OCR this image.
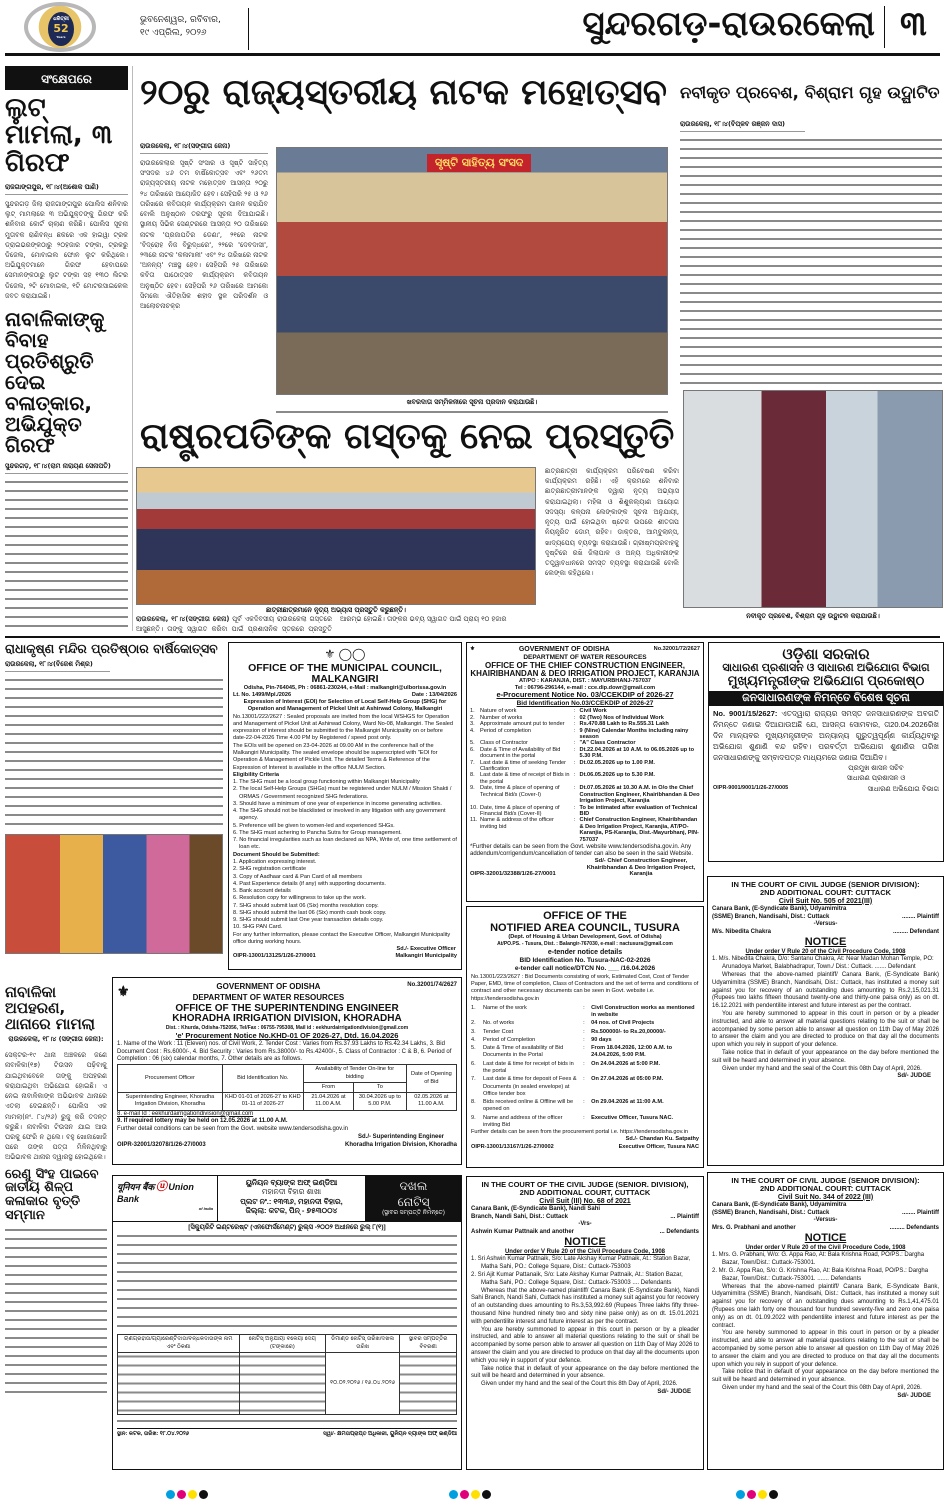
ଧରିତ୍ରୀ
52
Years
ଭୁବନେଶ୍ୱର, ରବିବାର,
୧୯ ଏପ୍ରିଲ, ୨୦୨୬	ସୁନ୍ଦରଗଡ଼-ରାଉରକେଲା ୩
ସଂକ୍ଷେପରେ
ଲୁଟ୍ ମାମଲା, ୩ ଗିରଫ
ରାଜଗାଙ୍ଗପୁର, ୧୮।୪(ଅଶୋକ ପାଣି)
ସୁନ୍ଦରଗଡ଼ ଜିଲା ରାଜଗାଙ୍ଗପୁର ପୋଲିସ ଶନିବାର ଲୁଟ୍ ମାମଲାରେ ୩ ଅଭିଯୁକ୍ତଙ୍କୁ ଗିରଫ କରି ଶନିବାର କୋର୍ଟ ଚାଲାଣ କରିଛି। ପୋଲିସ ସୂଚନା ମୁତାବକ ରାଣିବନ୍ଧ ଛକରେ ଏକ ହାଇୱା ଟ୍ରକ ଡ୍ରାଇଭରଙ୍କଠାରୁ ୨୦ହଜାର ଟଙ୍କା, ଟ୍ରକରୁ ଡିଜେଲ, ମୋବାଇଲ ଫୋନ ଲୁଟ କରିଥିଲେ। ଅଭିଯୁକ୍ତମାନେ ଗିରଫ ହେବାପରେ ସେମାନଙ୍କଠାରୁ ଲୁଟ ଟଙ୍କା ସହ ୧୩୦ ଲିଟର ଡିଜେଲ, ୨ଟି ମୋବାଇଲ, ୧ଟି ମୋଟରସାଇକେଲ ଜବତ କରାଯାଇଛି।
ନାବାଳିକାଙ୍କୁ ବିବାହ ପ୍ରତିଶ୍ରୁତି ଦେଇ ବଳାତ୍କାର, ଅଭିଯୁକ୍ତ ଗିରଫ
ସୁନ୍ଦରଗଡ଼, ୧୮।୪(ରାମ ନାରାୟଣ ସେନାପତି)
୨୦ରୁ ରାଜ୍ୟସ୍ତରୀୟ ନାଟକ ମହୋତ୍ସବ
ରାଉରକେଲା, ୧୮।୪(ସଙ୍ଗୀତା ଜେନା)
ରାଉରକେଲାର ସୃଷ୍ଟି ସଂସାର ଓ ସୃଷ୍ଟି ସାହିତ୍ୟ ସଂସଦର ୪୬ ତମ ବାର୍ଷିକୋତ୍ସବ ଏବଂ ୨୬ତମ ରାଜ୍ୟସ୍ତରୀୟ ନାଟକ ମହୋତ୍ସବ ଆସନ୍ତା ୨୦ରୁ ୨୪ ତାରିଖରେ ଆୟୋଜିତ ହେବ। ସେହିପରି ୨୫ ଓ ୨୬ ତାରିଖରେ କବିତାୟନ କାର୍ଯ୍ୟକ୍ରମ ପାଳନ କରାଯିବ ବୋଲି ଅନୁଷ୍ଠାନ ତରଫରୁ ସୂଚନା ଦିଆଯାଇଛି। ସ୍ଥାନୀୟ ସିଭିକ ସେଣ୍ଟରରେ ଆସନ୍ତା ୨୦ ତାରିଖରେ ନାଟକ 'ପ୍ରଜାପତିର ଡେଣା', ୨୧ରେ ନାଟକ 'ବିଦ୍ରୋହ ନିଜ ବିରୁଦ୍ଧରେ', ୨୨ରେ 'ଦେବଦାସୀ', ୨୩ରେ ନାଟକ 'କଳାମାଳୀ' ଏବଂ ୨୪ ତାରିଖରେ ନାଟକ 'ଅନନ୍ୟ' ମଞ୍ଚସ୍ଥ ହେବ। ସେହିପରି ୨୫ ତାରିଖରେ କବିତା ପାଠୋତ୍ସବ କାର୍ଯ୍ୟକ୍ରମ କବିତାୟନ ଅନୁଷ୍ଠିତ ହେବ। ସେହିପରି ୨୬ ତାରିଖରେ ଆମକୋ ସିମକୋ ଐତିହାସିକ ଶହୀଦ ସ୍ଥଳ ପରିଦର୍ଶନ ଓ ଆଲୋଚନାଚକ୍ର
ସୃଷ୍ଟି ସାହିତ୍ୟ ସଂସଦ
ଖବରଦାତା ସମ୍ମିଳନୀରେ ସୂଚନା ପ୍ରଦାନ କରାଯାଉଛି।
ନବୀକୃତ ପ୍ରବେଶ, ବିଶ୍ରାମ ଗୃହ ଉଦ୍ଘାଟିତ
ରାଉରକେଲା, ୧୮।୪(ବିପ୍ଳବ ରଞ୍ଜନ ଦାସ)
ନବୀକୃତ ପ୍ରବେଶ, ବିଶ୍ରାମ ଗୃହ ଉଦ୍ଘାଟନ କରାଯାଉଛି।
ରାଷ୍ଟ୍ରପତିଙ୍କ ଗସ୍ତକୁ ନେଇ ପ୍ରସ୍ତୁତି
ଛାତ୍ରୀଛାତ୍ରମାନେ ନୃତ୍ୟ ଅଭ୍ୟାସ ପ୍ରସ୍ତୁତି କରୁଛନ୍ତି।
ରାଉରକେଲା, ୧୮।୪(ସଙ୍ଗୀତା କେନା) ପୂର୍ବ ଏକଦିବସୀୟ ରାଉରକେଲା ଗସ୍ତରେ ଆସୁଛନ୍ତି। ତାଙ୍କୁ ସ୍ୱାଗତ କରିବା ପାଇଁ ପ୍ରଶାସନିକ ସ୍ତରରେ ପ୍ରସ୍ତୁତି ଆରମ୍ଭ ହୋଇଛି। ତାଙ୍କର ଭବ୍ୟ ସ୍ୱାଗତ ପାଇଁ ପ୍ରାୟ ୧୦ ହଜାର
ଛାତ୍ରଛାତ୍ରୀ କାର୍ଯ୍ୟକ୍ରମ ପରିବେଷଣ କରିବା କାର୍ଯ୍ୟକ୍ରମ ରହିଛି। ଏହି କ୍ରମରେ ଶନିବାର ଛାତ୍ରଛାତ୍ରୀମାନଙ୍କ ଦ୍ୱାରା ନୃତ୍ୟ ଅଭ୍ୟାସ କରାଯାଇଥିଲା। ମହିଳା ଓ ଶିଶୁକଲ୍ୟାଣ ଆୟୋଗ ସଦସ୍ୟା କଳ୍ପନା ଲେଙ୍କାଙ୍କ ସୂଚନା ଅନୁଯାୟୀ, ନୃତ୍ୟ ପାଇଁ ହୋଇଥିବା ଷ୍ଟେଜ ଉପରେ ଶୀତତାପ ନିୟନ୍ତ୍ରିତ ଡୋମ୍ ରହିବ। ଡାକ୍ତର, ଆମ୍ବୁଲାନ୍ସ, ଖାଦ୍ୟପେୟ ବ୍ୟବସ୍ଥା କରାଯାଉଛି। ଗ୍ରୀଷ୍ମପ୍ରବାହକୁ ଦୃଷ୍ଟିରେ ରଖି ଜିଲାପାଳ ଓ ଅନ୍ୟ ଅଧିକାରୀଙ୍କ ତତ୍ତ୍ୱାବଧାନରେ ସମସ୍ତ ବ୍ୟବସ୍ଥା କରାଯାଉଛି ବୋଲି ଲେଙ୍କା କହିଥିଲେ।
ରାଧାକୃଷ୍ଣ ମନ୍ଦିର ପ୍ରତିଷ୍ଠାର ବାର୍ଷିକୋତ୍ସବ
ରାଉରକେଲା, ୧୮।୪(ବିଜେଶ ମିଶ୍ର)
ନାବାଳିକା ଅପହରଣ, ଥାନାରେ ମାମଲା
ରାଉରକେଲା, ୧୮।୪ (ସଙ୍ଗୀତା ଜେନା):
ସେକ୍ଟର-୧୯ ଥାନା ଅଞ୍ଚଳରେ ଜଣେ ନାବାଳିକା(୧୭) ଟିଉସନ ପଢ଼ିବାକୁ ଯାଇଥିବାବେଳେ ତାଙ୍କୁ ଅପହରଣ କରାଯାଇଥିବା ଅଭିଯୋଗ ହୋଇଛି। ଏ ନେଇ ନାବାଳିକାଙ୍କ ଅଭିଭାବକ ଥାନାରେ ଏତଲା ଦେଇଛନ୍ତି। ପୋଲିସ ଏକ ମାମଲା(ନଂ. ୮୪/୨୬) ରୁଜୁ କରି ତଦନ୍ତ କରୁଛି। ନାବାଳିକା ଟିଉସନ ଯାଇ ଆଉ ଘରକୁ ଫେରି ନ ଥିଲେ। ବହୁ ଖୋଜାଖୋଜି ପରେ ତାଙ୍କ ପତ୍ତା ମିଳିନଥିବାରୁ ଅଭିଭାବକ ଥାନାର ଦ୍ୱାରସ୍ଥ ହୋଇଥିଲେ।
ରେଣୁ ସିଂହ ପାଇବେ ଜାତୀୟ ଶିଳ୍ପ କଳାକାର ବୃତ୍ତି ସମ୍ମାନ
⚜ ◯◯
OFFICE OF THE MUNICIPAL COUNCIL, MALKANGIRI
Odisha, Pin-764045, Ph : 06861-230244, e-Mail : malkangiri@ulborissa.gov.in
Lt. No. 1499/Mpl./2026	Date : 13/04/2026
Expression of Interest (EOI) for Selection of Local Self-Help Group (SHG) for Operation and Management of Pickel Unit at Ashirwad Colony, Malkangiri
No.13001/222/2627 : Sealed proposals are invited from the local WSHGS for Operation and Management of Pickel Unit at Ashirwad Colony, Ward No-08, Malkangiri. The Sealed expression of interest should be submitted to the Malkangiri Municipality on or before date-22-04-2026 Time 4.00 PM by Registered / speed post only.
The EOIs will be opened on 23-04-2026 at 09.00 AM in the conference hall of the Malkangiri Municipality. The sealed envelope should be superscripted with "EOI for Operation & Management of Pickle Unit. The detailed Terms & Reference of the Expression of Interest is available in the office NULM Section.
Eligibility Criteria
1. The SHG must be a local group functioning within Malkangiri Municipality
2. The local Self-Help Groups (SHGs) must be registered under NULM / Mission Shakti / ORMAS / Government recognized SHG federations.
3. Should have a minimum of one year of experience in income generating activities.
4. The SHG should not be blacklisted or involved in any litigation with any government agency.
5. Preference will be given to women-led and experienced SHGs.
6. The SHG must achering to Pancha Sutra for Group management.
7. No financial irregularities such as loan declared as NPA, Write of, one time settlement of loan etc.
Document Should be Submitted:
1. Application expressing interest.
2. SHG registration certificate
3. Copy of Aadhaar card & Pan Card of all members
4. Past Experience details (if any) with supporting documents.
5. Bank account details
6. Resolution copy for willingness to take up the work.
7. SHG should submit last 06 (Six) months resolution copy.
8. SHG should submit the last 06 (Six) month cash book copy.
9. SHG should submit last One year transaction details copy.
10. SHG PAN Card.
For any further information, please contact the Executive Officer, Malkangiri Municipality office during working hours.
OIPR-13001/13125/1/26-27/0001
Sd./- Executive Officer
Malkangiri Municipality
⚜	GOVERNMENT OF ODISHA	No.32001/72/2627
DEPARTMENT OF WATER RESOURCES
OFFICE OF THE CHIEF CONSTRUCTION ENGINEER, KHAIRIBHANDAN & DEO IRRIGATION PROJECT, KARANJIA
AT/PO : KARANJIA, DIST. : MAYURBHANJ-757037
Tel : 06796-296144, e-mail : cce.dip.dowr@gmail.com
e-Procurement Notice No. 03/CCEKDIP of 2026-27
Bid Identification No.03/CCEKDIP of 2026-27
1. Nature of work	: Civil Work
2. Number of works	: 02 (Two) Nos of Individual Work
3. Approximate amount put to tender	: Rs.470.88 Lakh to Rs.555.31 Lakh
4. Period of completion	: 9 (Nine) Calendar Months including rainy season
5. Class of Contractor	: "A" Class Contractor
6. Date & Time of Availability of Bid document in the portal
: Dt.22.04.2026 at 10 A.M. to 06.05.2026 up to 5.30 P.M.
7. Last date & time of seeking Tender Clarification
: Dt.02.05.2026 up to 1.00 P.M.
8. Last date & time of receipt of Bids in the portal
: Dt.06.05.2026 up to 5.30 P.M.
9. Date, time & place of opening of Technical Bid/s (Cover-I)
: Dt.07.05.2026 at 10.30 A.M. in O/o the Chief Construction Engineer, Khairibhandan & Deo Irrigation Project, Karanjia
10. Date, time & place of opening of Financial Bid/s (Cover-II)
: To be intimated after evaluation of Technical BID
11. Name & address of the officer inviting bid
: Chief Construction Engineer, Khairibhandan & Deo Irrigation Project, Karanjia, AT/PO-Karanjia, PS-Karanjia, Dist.-Mayurbhanj, PIN-757037
*Further details can be seen from the Govt. website www.tendersodisha.gov.in. Any addendum/corrigendum/cancellation of tender can also be seen in the said Website.
OIPR-32001/32388/1/26-27/0001
Sd/- Chief Construction Engineer, Khairibhandan & Deo Irrigation Project, Karanjia
ଓଡ଼ିଶା ସରକାର
ସାଧାରଣ ପ୍ରଶାସନ ଓ ସାଧାରଣ ଅଭିଯୋଗ ବିଭାଗ
ମୁଖ୍ୟମନ୍ତ୍ରୀଙ୍କ ଅଭିଯୋଗ ପ୍ରକୋଷ୍ଠ
ଜନସାଧାରଣଙ୍କ ନିମନ୍ତେ ବିଶେଷ ସୂଚନା
No. 9001/15/2627: ଏତଦ୍ୱାରା ରାଜ୍ୟର ସମସ୍ତ ଜନସାଧାରଣଙ୍କ ଅବଗତି ନିମନ୍ତେ ଜଣାଇ ଦିଆଯାଉଅଛି ଯେ, ଆସନ୍ତା ସୋମବାର, ତା20.04.2026ରିଖ ଦିନ ମାନ୍ୟବର ମୁଖ୍ୟମନ୍ତ୍ରୀଙ୍କ ଅନ୍ୟାନ୍ୟ ଗୁରୁତ୍ୱପୂର୍ଣ୍ଣ କାର୍ଯ୍ୟଥିବାରୁ ଅଭିଯୋଗ ଶୁଣାଣି ବନ୍ଦ ରହିବ। ପରବର୍ତ୍ତୀ ଅଭିଯୋଗ ଶୁଣାଣିର ତାରିଖ ଜନସାଧାରଣଙ୍କୁ ସମ୍ବାଦପତ୍ର ମାଧ୍ୟମରେ ଜଣାଇ ଦିଆଯିବ।
ପ୍ରମୁଖ ଶାସନ ସଚିବ
ସାଧାରଣ ପ୍ରଶାସନ ଓ
OIPR-9001/9001/1/26-27/0005	ସାଧାରଣ ଅଭିଯୋଗ ବିଭାଗ
⚜	GOVERNMENT OF ODISHA
DEPARTMENT OF WATER RESOURCES
No.32001/74/2627
OFFICE OF THE SUPERINTENDING ENGINEER
KHORADHA IRRIGATION DIVISION, KHORADHA
Dist. : Khurda, Odisha-752056, Tel/Fax : 06755-795308, Mail id : eekhurdairrigationdivision@gmail.com
'e' Procurement Notice No.KHD-01 OF 2026-27, Dtd. 16.04.2026
1. Name of the Work : 11 (Eleven) nos. of Civil Work, 2. Tender Cost : Varies from Rs.37.93 Lakhs to Rs.42.34 Lakhs, 3. Bid Document Cost : Rs.6000/-, 4. Bid Security : Varies from Rs.38000/- to Rs.42400/-, 5. Class of Contractor : C & B, 6. Period of Completion : 06 (six) calendar months, 7. Other details are as follows.
Procurement Officer	Bid Identification No.	Availability of Tender On-line for bidding		Date of Opening of Bid
		From	To	
Superintending Engineer, Khoradha Irrigation Division, Khoradha	KHD 01-01 of 2026-27 to KHD 01-11 of 2026-27	21.04.2026 at 11.00 A.M.	30.04.2026 up to 5.00 P.M.	02.05.2026 at 11.00 A.M.
8. e-mail Id : eekhurdairrigationdivision@gmail.com
9. If required lottery may be held on 12.05.2026 at 11.00 A.M.
Further detail conditions can be seen from the Govt. website www.tendersodisha.gov.in
OIPR-32001/32078/1/26-27/0003
Sd./- Superintending Engineer
Khoradha Irrigation Division, Khoradha
OFFICE OF THE
NOTIFIED AREA COUNCIL, TUSURA
(Dept. of Housing & Urban Development, Govt. of Odisha)
At/PO.PS. - Tusura, Dist. : Balangir-767030, e-mail : nactusura@gmail.com
e-tender notice details
BID Identification No. Tusura-NAC-02-2026
e-tender call notice/DTCN No. ___ /16.04.2026
No.13001/223/2627 : Bid Documents consisting of work, Estimated Cost, Cost of Tender Paper, EMD, time of completion, Class of Contractors and the set of terms and conditions of contract and other necessary documents can be seen in Govt. website i.e. https://tendersodisha.gov.in
1.	Name of the work	:	Civil Construction works as mentioned in website
2.	No. of works	:	04 nos. of Civil Projects
3.	Tender Cost	:	Rs.500000/- to Rs.20,00000/-
4.	Period of Completion	:	90 days
5.	Date & Time of availability of Bid Documents in the Portal
:	From 18.04.2026, 12:00 A.M. to 24.04.2026, 5:00 P.M.
6.	Last date & time for receipt of bids in the portal
:	On 24.04.2026 at 5:00 P.M.
7.	Last date & time for deposit of Fees & Documents (in sealed envelope) at Office tender box
:	On 27.04.2026 at 05:00 P.M.
8.	Bids received online & Offline will be opened on
:	On 29.04.2026 at 11:00 A.M.
9.	Name and address of the officer inviting Bid
:	Executive Officer, Tusura NAC.
Further details can be seen from the procurement portal i.e. https://tendersodisha.gov.in
OIPR-13001/13167/1/26-27/0002
Sd./- Chandan Ku. Satpathy
Executive Officer, Tusura NAC
यूनियन बैंक ⓤ Union Bank
of India
ୟୁନିୟନ ବ୍ୟାଙ୍କ ଅଫ୍ ଇଣ୍ଡିଆ
ମହାନଦୀ ବିହାର ଶାଖା
ପ୍ଲଟ ନଂ.: ୧୩୩୬, ମହାନଦୀ ବିହାର,
ଜିଲ୍ଲା: କଟକ, ପିନ୍ - ୭୫୩୦୦୪
ଦଖଲ
ନୋଟିସ୍
(ସ୍ଥାବର ସମ୍ପତ୍ତି ନିମନ୍ତେ)
[ସିକ୍ୟୁରିଟି ଇଣ୍ଟରେଷ୍ଟ (ଏନଫୋର୍ସମେଣ୍ଟ) ରୁଲ୍ସ -୨୦୦୨ ଅଧୀନରେ ରୁଲ୍ ୮(୧)]
ଋଣଗ୍ରହୀତା/ଗ୍ୟାରେଣ୍ଟିଦାତା/ବନ୍ଧକଦାତାଙ୍କ ନାମ ଏବଂ ଠିକଣା	ନୋଟିସ୍ ଅନୁଯାୟୀ ବକେୟା ଦେୟ (ଟଙ୍କାରେ)	ଡିମାଣ୍ଡ ନୋଟିସ୍ ତାରିଖ/ଦଖଲ ତାରିଖ	ସ୍ଥାବର ସମ୍ପତ୍ତିର ବିବରଣୀ
		୧୦.୦୨.୨୦୨୬ / ୧୬.୦୪.୨୦୨୬	
ସ୍ଥାନ: କଟକ, ତାରିଖ: ୧୮.୦୪.୨୦୨୬	ସ୍ୱା/- କ୍ଷମତାପ୍ରାପ୍ତ ଅଧିକାରୀ, ୟୁନିୟନ ବ୍ୟାଙ୍କ ଅଫ୍ ଇଣ୍ଡିଆ
IN THE COURT OF CIVIL JUDGE (SENIOR DIVISION):
2ND ADDITIONAL COURT: CUTTACK
Civil Suit No. 505 of 2021(III)
Canara Bank, (E-Syndicate Bank), Udyamimitra (SSME) Branch, Nandisahi, Dist.: Cuttack	........ Plaintiff
-Versus-
M/s. Nibedita Chakra	......... Defendant
NOTICE
Under order V Rule 20 of the Civil Procedure Code, 1908
1. M/s. Nibedita Chakra, D/o: Santanu Chakra, At: Near Madan Mohan Temple, PO: Arunadoya Market, Balabhadrapur, Town./ Dist.: Cuttack. ....... Defendant
Whereas that the above-named plaintiff/ Canara Bank, (E-Syndicate Bank) Udyamimitra (SSME) Branch, Nandisahi, Dist.: Cuttack, has instituted a money suit against you for recovery of an outstanding dues amounting to Rs.2,15,021.31 (Rupees two lakhs fifteen thousand twenty-one and thirty-one paisa only) as on dt. 16.12.2021 with pendentilite interest and future interest as per the contract.
You are hereby summoned to appear in this court in person or by a pleader instructed, and able to answer all material questions relating to the suit or shall be accompanied by some person able to answer all question on 11th Day of May 2026 to answer the claim and you are directed to produce on that day all the documents upon which you rely in support of your defence.
Take notice that in default of your appearance on the day before mentioned the suit will be heard and determined in your absence.
Given under my hand and the seal of the Court this 08th Day of April, 2026.
Sd/- JUDGE
IN THE COURT OF THE CIVIL JUDGE (SENIOR. DIVISION),
2ND ADDITIONAL COURT, CUTTACK
Civil Suit (III) No. 68 of 2021
Canara Bank, (E-Syndicate Bank), Nandi Sahi Branch, Nandi Sahi, Dist.: Cuttack	... Plaintiff
-Vrs-
Ashwin Kumar Pattnaik and another	... Defendants
NOTICE
Under order V Rule 20 of the Civil Procedure Code, 1908
1. Sri Ashwin Kumar Pattnaik, S/o: Late Akshay Kumar Pattnaik, At.: Station Bazar, Matha Sahi, PO.: College Square, Dist.: Cuttack-753003
2. Sri Ajit Kumar Pattanaik, S/o: Late Akshay Kumar Pattnaik, At.: Station Bazar, Matha Sahi, PO.: College Square, Dist.: Cuttack-753003 .... Defendants
Whereas that the above-named plaintiff/ Canara Bank (E-Syndicate Bank), Nandi Sahi Branch, Nandi Sahi, Cuttack has instituted a money suit against you for recovery of an outstanding dues amounting to Rs.3,53,992.69 (Rupees Three lakhs fifty three-thousand Nine hundred ninety two and sixty nine paise only) as on dt. 15.01.2021 with pendentilite interest and future interest as per the contract.
You are hereby summoned to appear in this court in person or by a pleader instructed, and able to answer all material questions relating to the suit or shall be accompanied by some person able to answer all question on 11th Day of May 2026 to answer the claim and you are directed to produce on that day all the documents upon which you rely in support of your defence.
Take notice that in default of your appearance on the day before mentioned the suit will be heard and determined in your absence.
Given under my hand and the seal of the Court this 8th Day of April, 2026.
Sd/- JUDGE
IN THE COURT OF CIVIL JUDGE (SENIOR DIVISION):
2ND ADDITIONAL COURT: CUTTACK
Civil Suit No. 344 of 2022 (III)
Canara Bank, (E-Syndicate Bank), Udyamimitra (SSME) Branch, Nandisahi, Dist.: Cuttack	........ Plaintiff
-Versus-
Mrs. G. Prabhani and another	......... Defendants
NOTICE
Under order V Rule 20 of the Civil Procedure Code, 1908
1. Mrs. G. Prabhani, W/o: G. Appa Rao, At: Bala Krishna Road, PO/PS.: Dargha Bazar, Town/Dist.: Cuttack-753001.
2. Mr. G. Appa Rao, S/o: G. Krishna Rao, At: Bala Krishna Road, PO/PS.: Dargha Bazar, Town/Dist.: Cuttack-753001. ....... Defendants
Whereas that the above-named plaintiff/ Canara Bank, E-Syndicate Bank, Udyamimitra (SSME) Branch, Nandisahi, Dist.: Cuttack, has instituted a money suit against you for recovery of an outstanding dues amounting to Rs.1,41,475.01 (Rupees one lakh forty one thousand four hundred seventy-five and zero one paisa only) as on dt. 01.09.2022 with pendentilite interest and future interest as per the contract.
You are hereby summoned to appear in this court in person or by a pleader instructed, and able to answer all material questions relating to the suit or shall be accompanied by some person able to answer all question on 11th Day of May 2026 to answer the claim and you are directed to produce on that day all the documents upon which you rely in support of your defence.
Take notice that in default of your appearance on the day before mentioned the suit will be heard and determined in your absence.
Given under my hand and the seal of the Court this 08th Day of April, 2026.
Sd/- JUDGE
